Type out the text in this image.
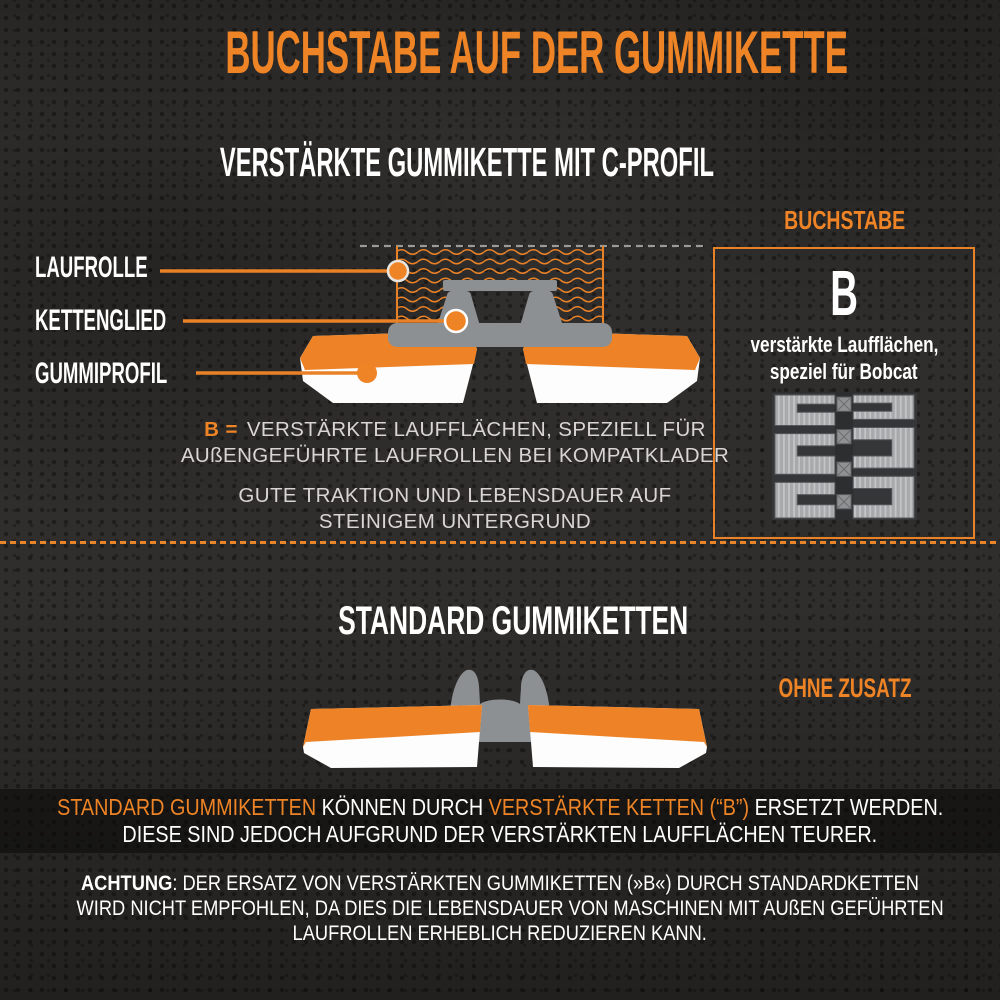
BUCHSTABE AUF DER GUMMIKETTE
VERSTÄRKTE GUMMIKETTE MIT C-PROFIL
LAUFROLLE
KETTENGLIED
GUMMIPROFIL
BUCHSTABE
B
verstärkte Laufflächen,
speziel für Bobcat
B = VERSTÄRKTE LAUFFLÄCHEN, SPEZIELL FÜR
AUßENGEFÜHRTE LAUFROLLEN BEI KOMPATKLADER
GUTE TRAKTION UND LEBENSDAUER AUF
STEINIGEM UNTERGRUND
STANDARD GUMMIKETTEN
OHNE ZUSATZ
STANDARD GUMMIKETTEN KÖNNEN DURCH VERSTÄRKTE KETTEN (“B”) ERSETZT WERDEN.
DIESE SIND JEDOCH AUFGRUND DER VERSTÄRKTEN LAUFFLÄCHEN TEURER.
ACHTUNG: DER ERSATZ VON VERSTÄRKTEN GUMMIKETTEN (»B«) DURCH STANDARDKETTEN
WIRD NICHT EMPFOHLEN, DA DIES DIE LEBENSDAUER VON MASCHINEN MIT AUßEN GEFÜHRTEN
LAUFROLLEN ERHEBLICH REDUZIEREN KANN.
